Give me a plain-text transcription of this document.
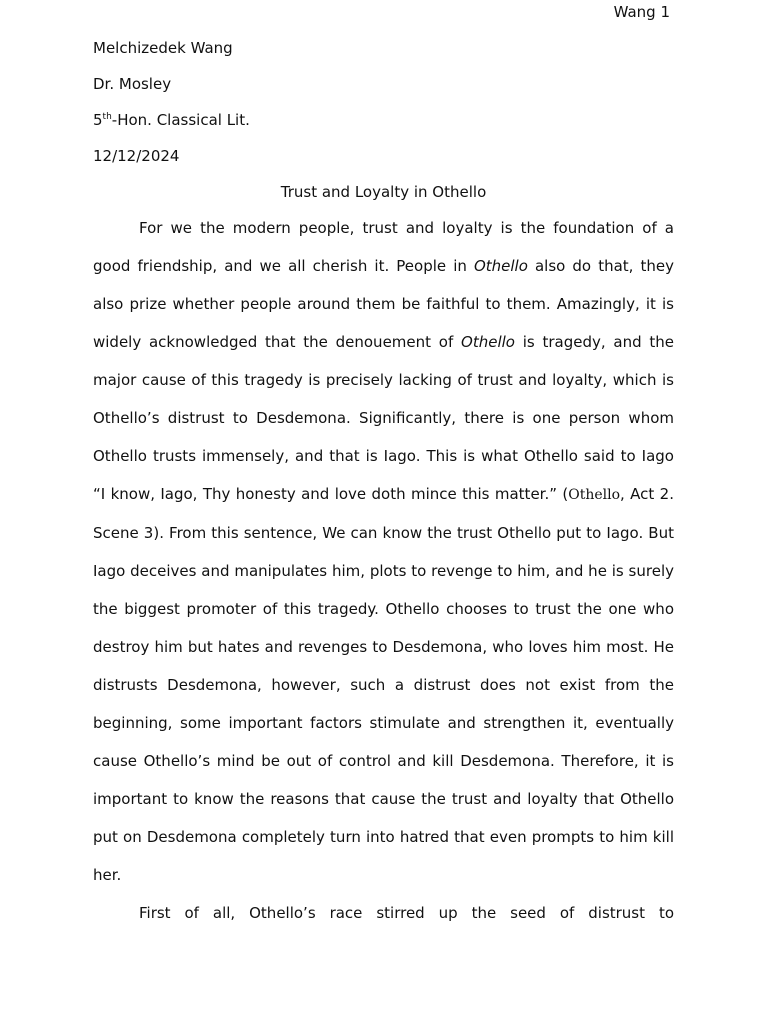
Wang 1
Melchizedek Wang
Dr. Mosley
5th-Hon. Classical Lit.
12/12/2024
Trust and Loyalty in Othello

For we the modern people, trust and loyalty is the foundation of a good friendship, and we all cherish it. People in Othello also do that, they also prize whether people around them be faithful to them. Amazingly, it is widely acknowledged that the denouement of Othello is tragedy, and the major cause of this tragedy is precisely lacking of trust and loyalty, which is Othello’s distrust to Desdemona. Significantly, there is one person whom Othello trusts immensely, and that is Iago. This is what Othello said to Iago “I know, Iago, Thy honesty and love doth mince this matter.” (Othello, Act 2. Scene 3). From this sentence, We can know the trust Othello put to Iago. But Iago deceives and manipulates him, plots to revenge to him, and he is surely the biggest promoter of this tragedy. Othello chooses to trust the one who destroy him but hates and revenges to Desdemona, who loves him most. He distrusts Desdemona, however, such a distrust does not exist from the beginning, some important factors stimulate and strengthen it, eventually cause Othello’s mind be out of control and kill Desdemona. Therefore, it is important to know the reasons that cause the trust and loyalty that Othello put on Desdemona completely turn into hatred that even prompts to him kill her.

First of all, Othello’s race stirred up the seed of distrust to
